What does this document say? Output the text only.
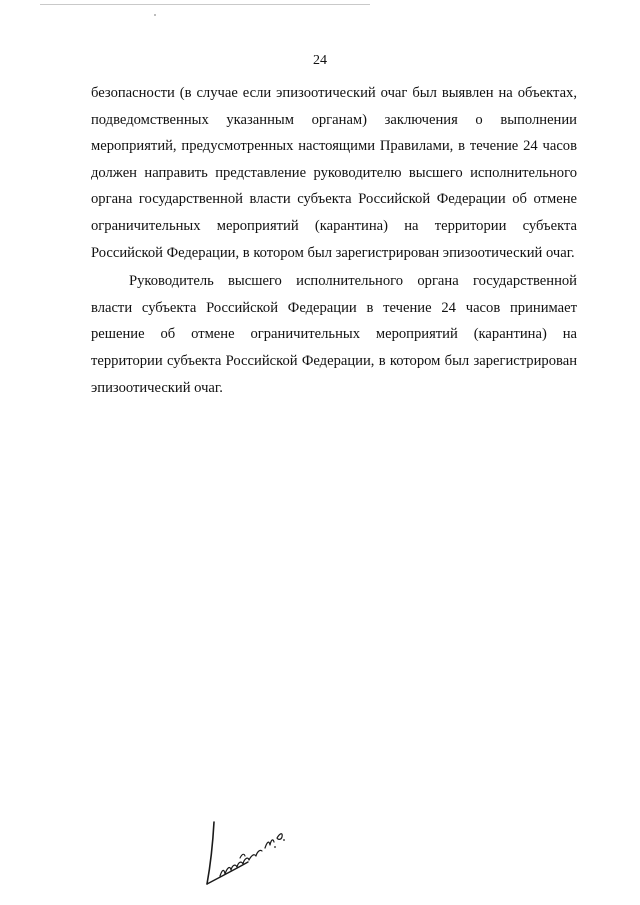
24

безопасности (в случае если эпизоотический очаг был выявлен на объектах, подведомственных указанным органам) заключения о выполнении мероприятий, предусмотренных настоящими Правилами, в течение 24 часов должен направить представление руководителю высшего исполнительного органа государственной власти субъекта Российской Федерации об отмене ограничительных мероприятий (карантина) на территории субъекта Российской Федерации, в котором был зарегистрирован эпизоотический очаг.

Руководитель высшего исполнительного органа государственной власти субъекта Российской Федерации в течение 24 часов принимает решение об отмене ограничительных мероприятий (карантина) на территории субъекта Российской Федерации, в котором был зарегистрирован эпизоотический очаг.
